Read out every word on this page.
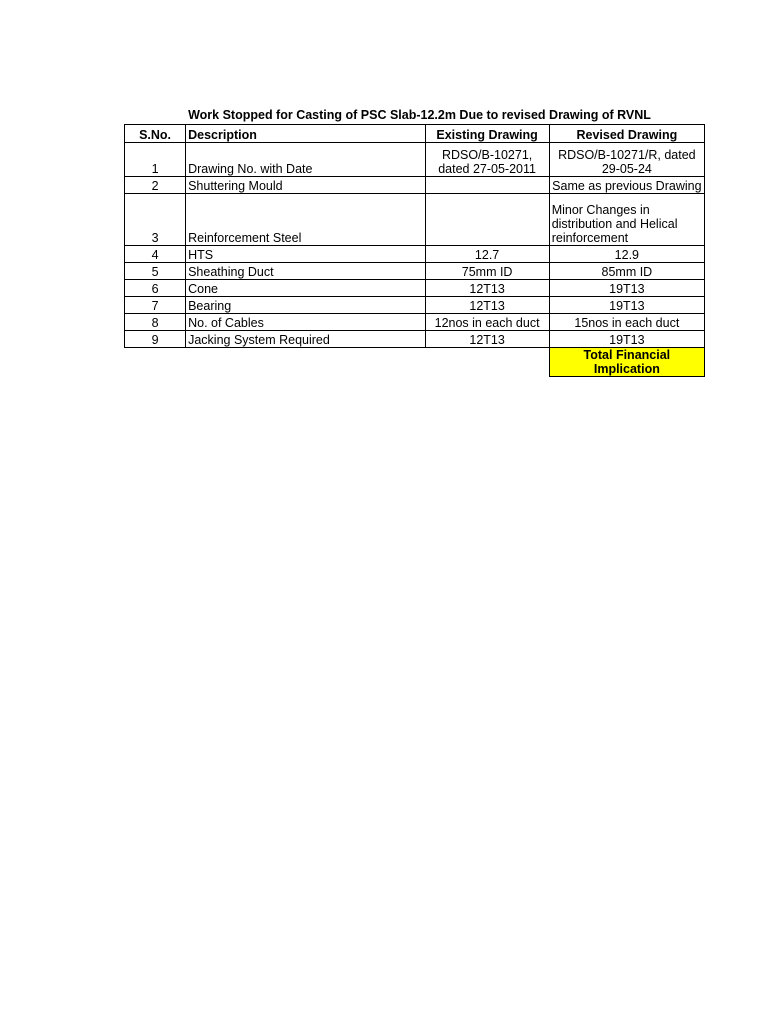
Work Stopped for Casting of PSC Slab-12.2m Due to revised Drawing of RVNL
S.No.	Description	Existing Drawing	Revised Drawing
1	Drawing No. with Date	RDSO/B-10271, dated 27-05-2011	RDSO/B-10271/R, dated 29-05-24
2	Shuttering Mould		Same as previous Drawing
3	Reinforcement Steel		Minor Changes in distribution and Helical reinforcement
4	HTS	12.7	12.9
5	Sheathing Duct	75mm ID	85mm ID
6	Cone	12T13	19T13
7	Bearing	12T13	19T13
8	No. of Cables	12nos in each duct	15nos in each duct
9	Jacking System Required	12T13	19T13
			Total Financial Implication
